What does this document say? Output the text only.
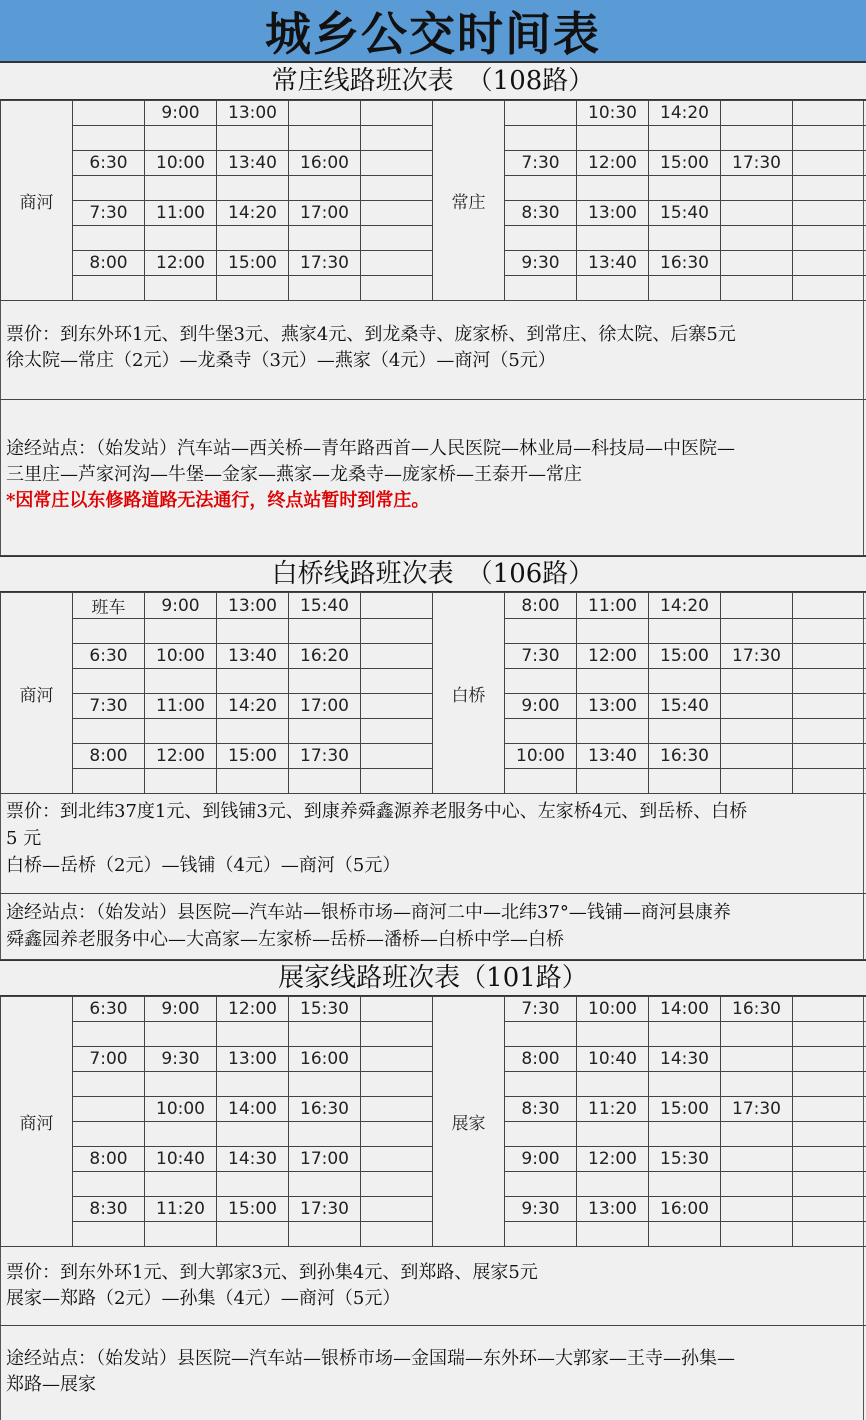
城乡公交时间表
常庄线路班次表　（108路）
商河		9:00	13:00			常庄		10:30	14:20		

	6:30	10:00	13:40	16:00			7:30	12:00	15:00	17:30	

	7:30	11:00	14:20	17:00			8:30	13:00	15:40		

	8:00	12:00	15:00	17:30			9:30	13:40	16:30		

票价：到东外环1元、到牛堡3元、燕家4元、到龙桑寺、庞家桥、到常庄、徐太院、后寨5元
徐太院—常庄（2元）—龙桑寺（3元）—燕家（4元）—商河（5元）
途经站点：（始发站）汽车站—西关桥—青年路西首—人民医院—林业局—科技局—中医院—
三里庄—芦家河沟—牛堡—金家—燕家—龙桑寺—庞家桥—王泰开—常庄
*因常庄以东修路道路无法通行，终点站暂时到常庄。
白桥线路班次表　（106路）
商河	班车	9:00	13:00	15:40		白桥	8:00	11:00	14:20		

	6:30	10:00	13:40	16:20			7:30	12:00	15:00	17:30	

	7:30	11:00	14:20	17:00			9:00	13:00	15:40		

	8:00	12:00	15:00	17:30			10:00	13:40	16:30		

票价：到北纬37度1元、到钱铺3元、到康养舜鑫源养老服务中心、左家桥4元、到岳桥、白桥
5 元
白桥—岳桥（2元）—钱铺（4元）—商河（5元）
途经站点：（始发站）县医院—汽车站—银桥市场—商河二中—北纬37°—钱铺—商河县康养
舜鑫园养老服务中心—大高家—左家桥—岳桥—潘桥—白桥中学—白桥
展家线路班次表（101路）
商河	6:30	9:00	12:00	15:30		展家	7:30	10:00	14:00	16:30	

	7:00	9:30	13:00	16:00			8:00	10:40	14:30		

		10:00	14:00	16:30			8:30	11:20	15:00	17:30	

	8:00	10:40	14:30	17:00			9:00	12:00	15:30		

	8:30	11:20	15:00	17:30			9:30	13:00	16:00		

票价：到东外环1元、到大郭家3元、到孙集4元、到郑路、展家5元
展家—郑路（2元）—孙集（4元）—商河（5元）
途经站点：（始发站）县医院—汽车站—银桥市场—金国瑞—东外环—大郭家—王寺—孙集—
郑路—展家
